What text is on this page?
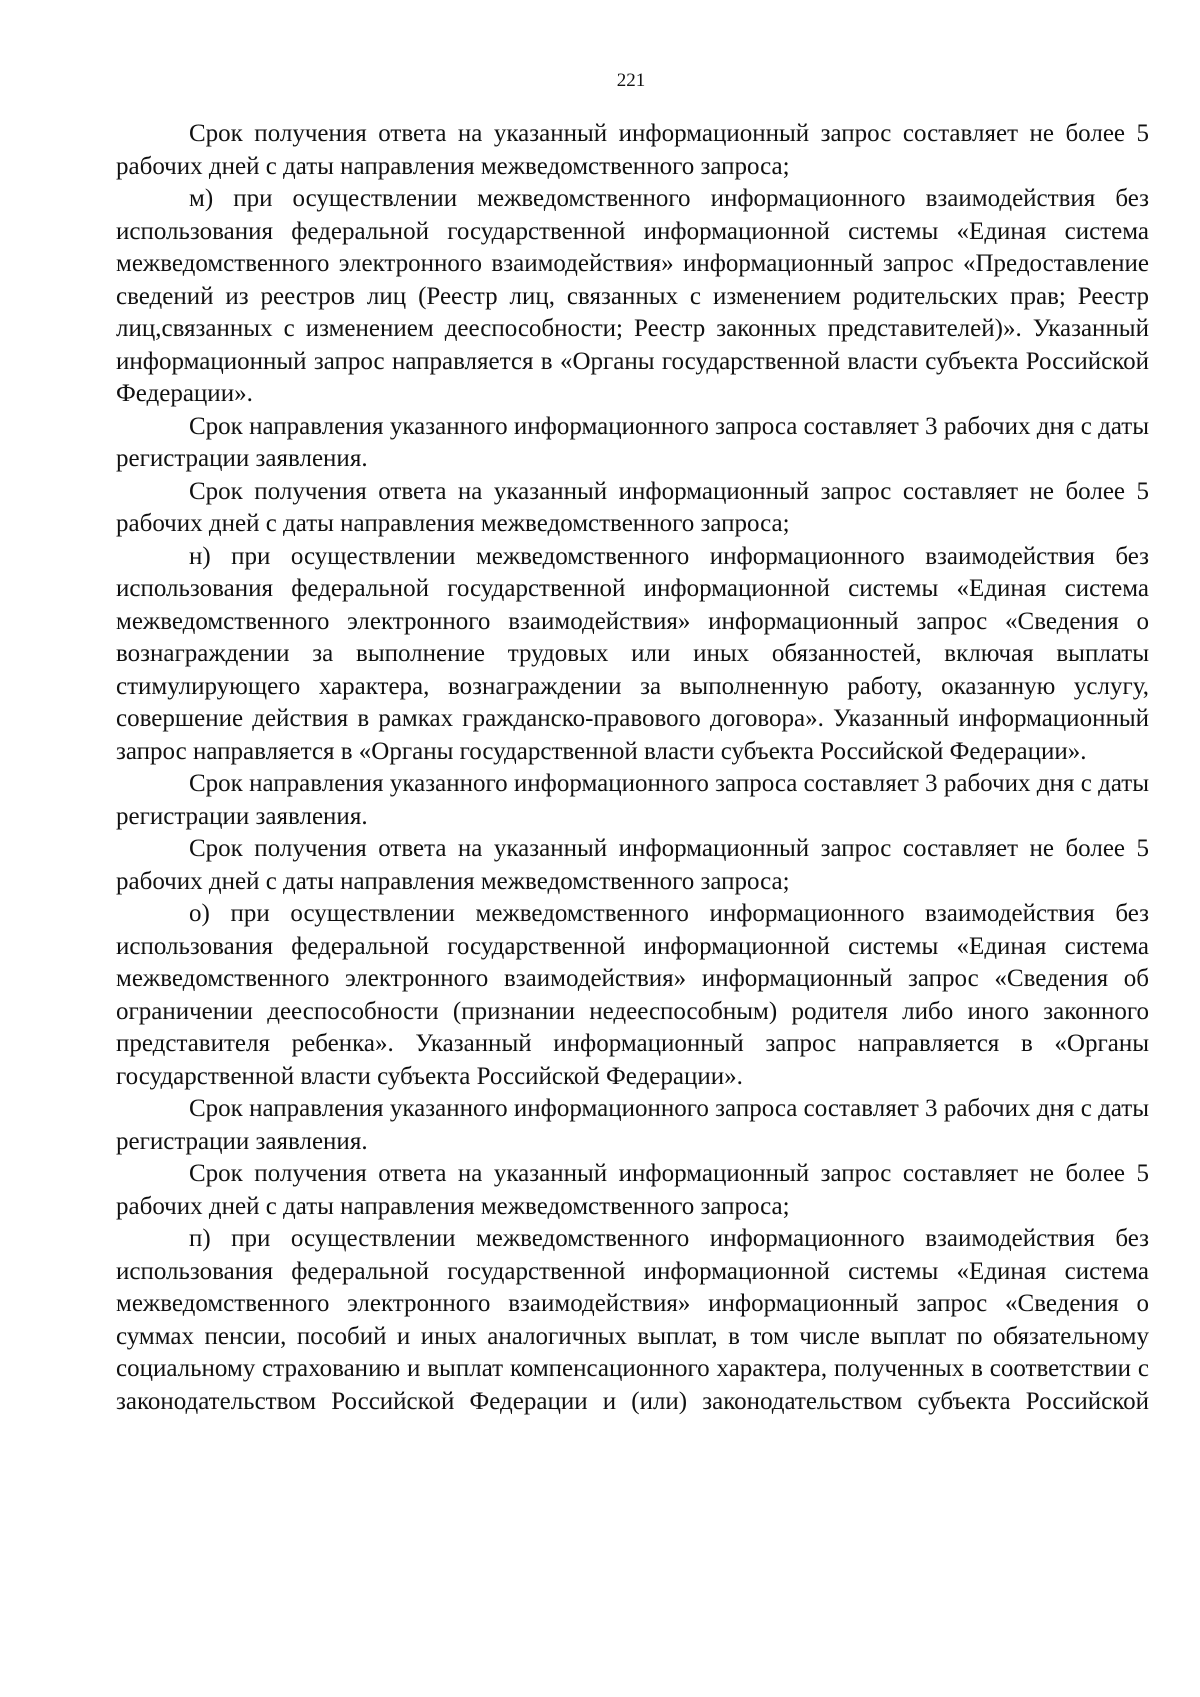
221

Срок получения ответа на указанный информационный запрос составляет не более 5 рабочих дней с даты направления межведомственного запроса;

м) при осуществлении межведомственного информационного взаимодействия без использования федеральной государственной информационной системы «Единая система межведомственного электронного взаимодействия» информационный запрос «Предоставление сведений из реестров лиц (Реестр лиц, связанных с изменением родительских прав; Реестр лиц,связанных с изменением дееспособности; Реестр законных представителей)». Указанный информационный запрос направляется в «Органы государственной власти субъекта Российской Федерации».

Срок направления указанного информационного запроса составляет 3 рабочих дня с даты регистрации заявления.

Срок получения ответа на указанный информационный запрос составляет не более 5 рабочих дней с даты направления межведомственного запроса;

н) при осуществлении межведомственного информационного взаимодействия без использования федеральной государственной информационной системы «Единая система межведомственного электронного взаимодействия» информационный запрос «Сведения о вознаграждении за выполнение трудовых или иных обязанностей, включая выплаты стимулирующего характера, вознаграждении за выполненную работу, оказанную услугу, совершение действия в рамках гражданско-правового договора». Указанный информационный запрос направляется в «Органы государственной власти субъекта Российской Федерации».

Срок направления указанного информационного запроса составляет 3 рабочих дня с даты регистрации заявления.

Срок получения ответа на указанный информационный запрос составляет не более 5 рабочих дней с даты направления межведомственного запроса;

о) при осуществлении межведомственного информационного взаимодействия без использования федеральной государственной информационной системы «Единая система межведомственного электронного взаимодействия» информационный запрос «Сведения об ограничении дееспособности (признании недееспособным) родителя либо иного законного представителя ребенка». Указанный информационный запрос направляется в «Органы государственной власти субъекта Российской Федерации».

Срок направления указанного информационного запроса составляет 3 рабочих дня с даты регистрации заявления.

Срок получения ответа на указанный информационный запрос составляет не более 5 рабочих дней с даты направления межведомственного запроса;

п) при осуществлении межведомственного информационного взаимодействия без использования федеральной государственной информационной системы «Единая система межведомственного электронного взаимодействия» информационный запрос «Сведения о суммах пенсии, пособий и иных аналогичных выплат, в том числе выплат по обязательному социальному страхованию и выплат компенсационного характера, полученных в соответствии с законодательством Российской Федерации и (или) законодательством субъекта Российской
